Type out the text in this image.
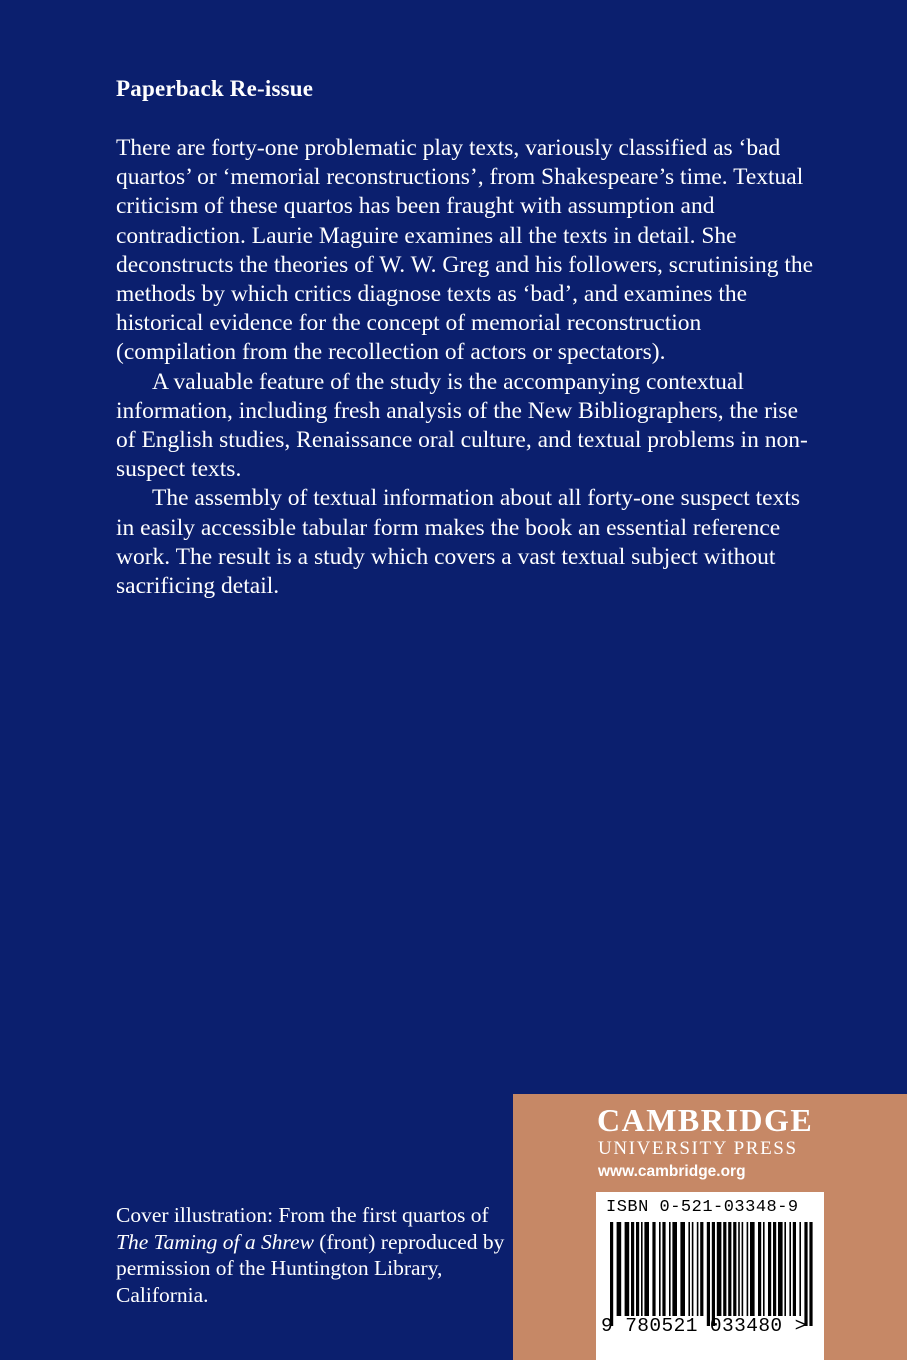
Paperback Re-issue

There are forty-one problematic play texts, variously classified as ‘bad quartos’ or ‘memorial reconstructions’, from Shakespeare’s time. Textual criticism of these quartos has been fraught with assumption and contradiction. Laurie Maguire examines all the texts in detail. She deconstructs the theories of W. W. Greg and his followers, scrutinising the methods by which critics diagnose texts as ‘bad’, and examines the historical evidence for the concept of memorial reconstruction (compilation from the recollection of actors or spectators).

A valuable feature of the study is the accompanying contextual information, including fresh analysis of the New Bibliographers, the rise of English studies, Renaissance oral culture, and textual problems in non-suspect texts.

The assembly of textual information about all forty-one suspect texts in easily accessible tabular form makes the book an essential reference work. The result is a study which covers a vast textual subject without sacrificing detail.

Cover illustration: From the first quartos of The Taming of a Shrew (front) reproduced by permission of the Huntington Library, California.
CAMBRIDGE
UNIVERSITY PRESS
www.cambridge.org
ISBN 0-521-03348-9
9 780521 033480 >
